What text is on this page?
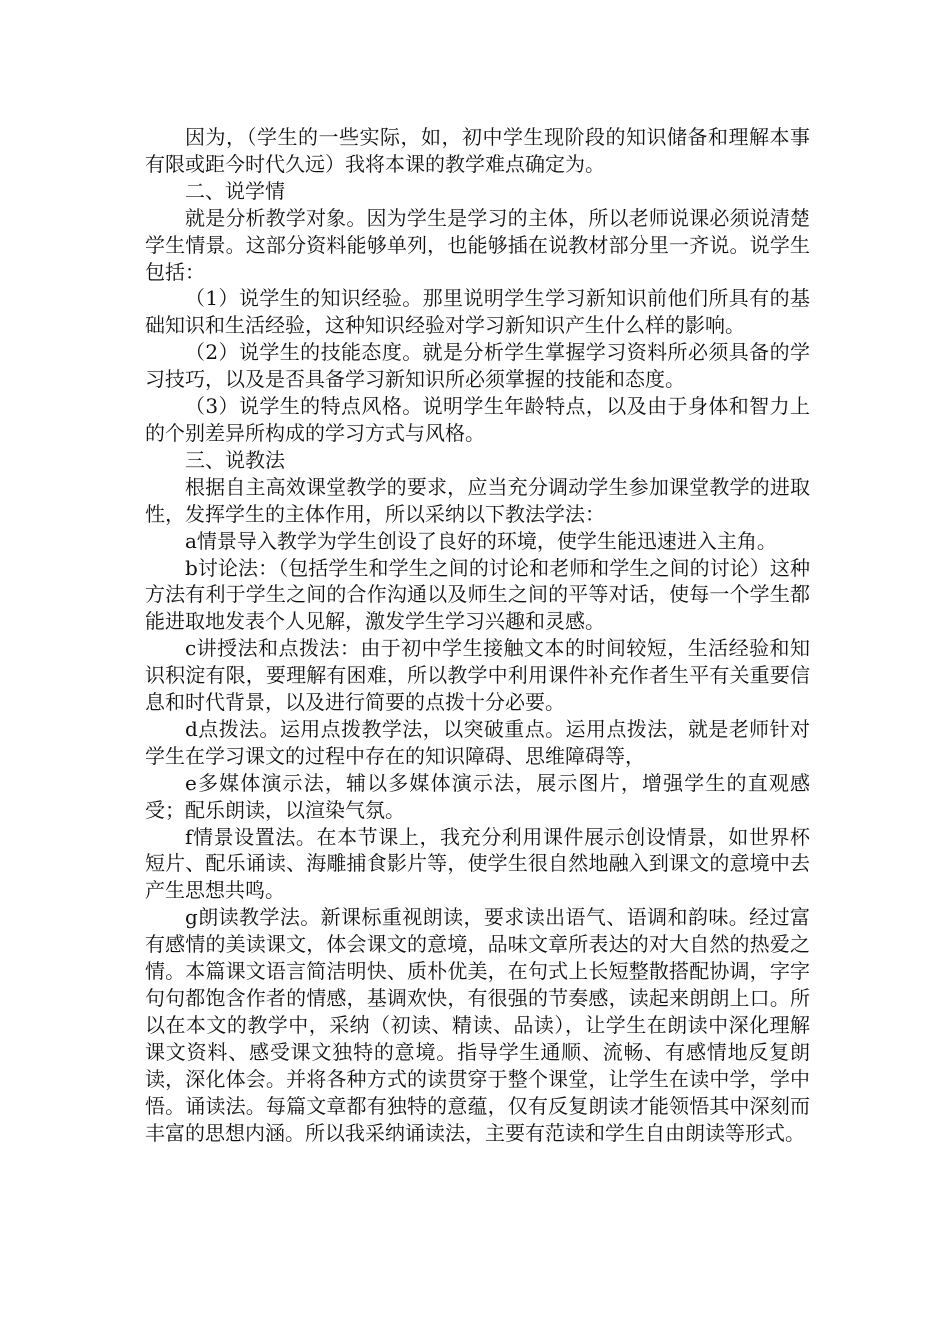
因为，（学生的一些实际，如，初中学生现阶段的知识储备和理解本事有限或距今时代久远）我将本课的教学难点确定为。

二、说学情

就是分析教学对象。因为学生是学习的主体，所以老师说课必须说清楚学生情景。这部分资料能够单列，也能够插在说教材部分里一齐说。说学生包括：

（1）说学生的知识经验。那里说明学生学习新知识前他们所具有的基础知识和生活经验，这种知识经验对学习新知识产生什么样的影响。

（2）说学生的技能态度。就是分析学生掌握学习资料所必须具备的学习技巧，以及是否具备学习新知识所必须掌握的技能和态度。

（3）说学生的特点风格。说明学生年龄特点，以及由于身体和智力上的个别差异所构成的学习方式与风格。

三、说教法

根据自主高效课堂教学的要求，应当充分调动学生参加课堂教学的进取性，发挥学生的主体作用，所以采纳以下教法学法：

a情景导入教学为学生创设了良好的环境，使学生能迅速进入主角。

b讨论法：（包括学生和学生之间的讨论和老师和学生之间的讨论）这种方法有利于学生之间的合作沟通以及师生之间的平等对话，使每一个学生都能进取地发表个人见解，激发学生学习兴趣和灵感。

c讲授法和点拨法：由于初中学生接触文本的时间较短，生活经验和知识积淀有限，要理解有困难，所以教学中利用课件补充作者生平有关重要信息和时代背景，以及进行简要的点拨十分必要。

d点拨法。运用点拨教学法，以突破重点。运用点拨法，就是老师针对学生在学习课文的过程中存在的知识障碍、思维障碍等，

e多媒体演示法，辅以多媒体演示法，展示图片，增强学生的直观感受；配乐朗读，以渲染气氛。

f情景设置法。在本节课上，我充分利用课件展示创设情景，如世界杯短片、配乐诵读、海雕捕食影片等，使学生很自然地融入到课文的意境中去产生思想共鸣。

g朗读教学法。新课标重视朗读，要求读出语气、语调和韵味。经过富有感情的美读课文，体会课文的意境，品味文章所表达的对大自然的热爱之情。本篇课文语言简洁明快、质朴优美，在句式上长短整散搭配协调，字字句句都饱含作者的情感，基调欢快，有很强的节奏感，读起来朗朗上口。所以在本文的教学中，采纳（初读、精读、品读），让学生在朗读中深化理解课文资料、感受课文独特的意境。指导学生通顺、流畅、有感情地反复朗读，深化体会。并将各种方式的读贯穿于整个课堂，让学生在读中学，学中悟。诵读法。每篇文章都有独特的意蕴，仅有反复朗读才能领悟其中深刻而丰富的思想内涵。所以我采纳诵读法，主要有范读和学生自由朗读等形式。
